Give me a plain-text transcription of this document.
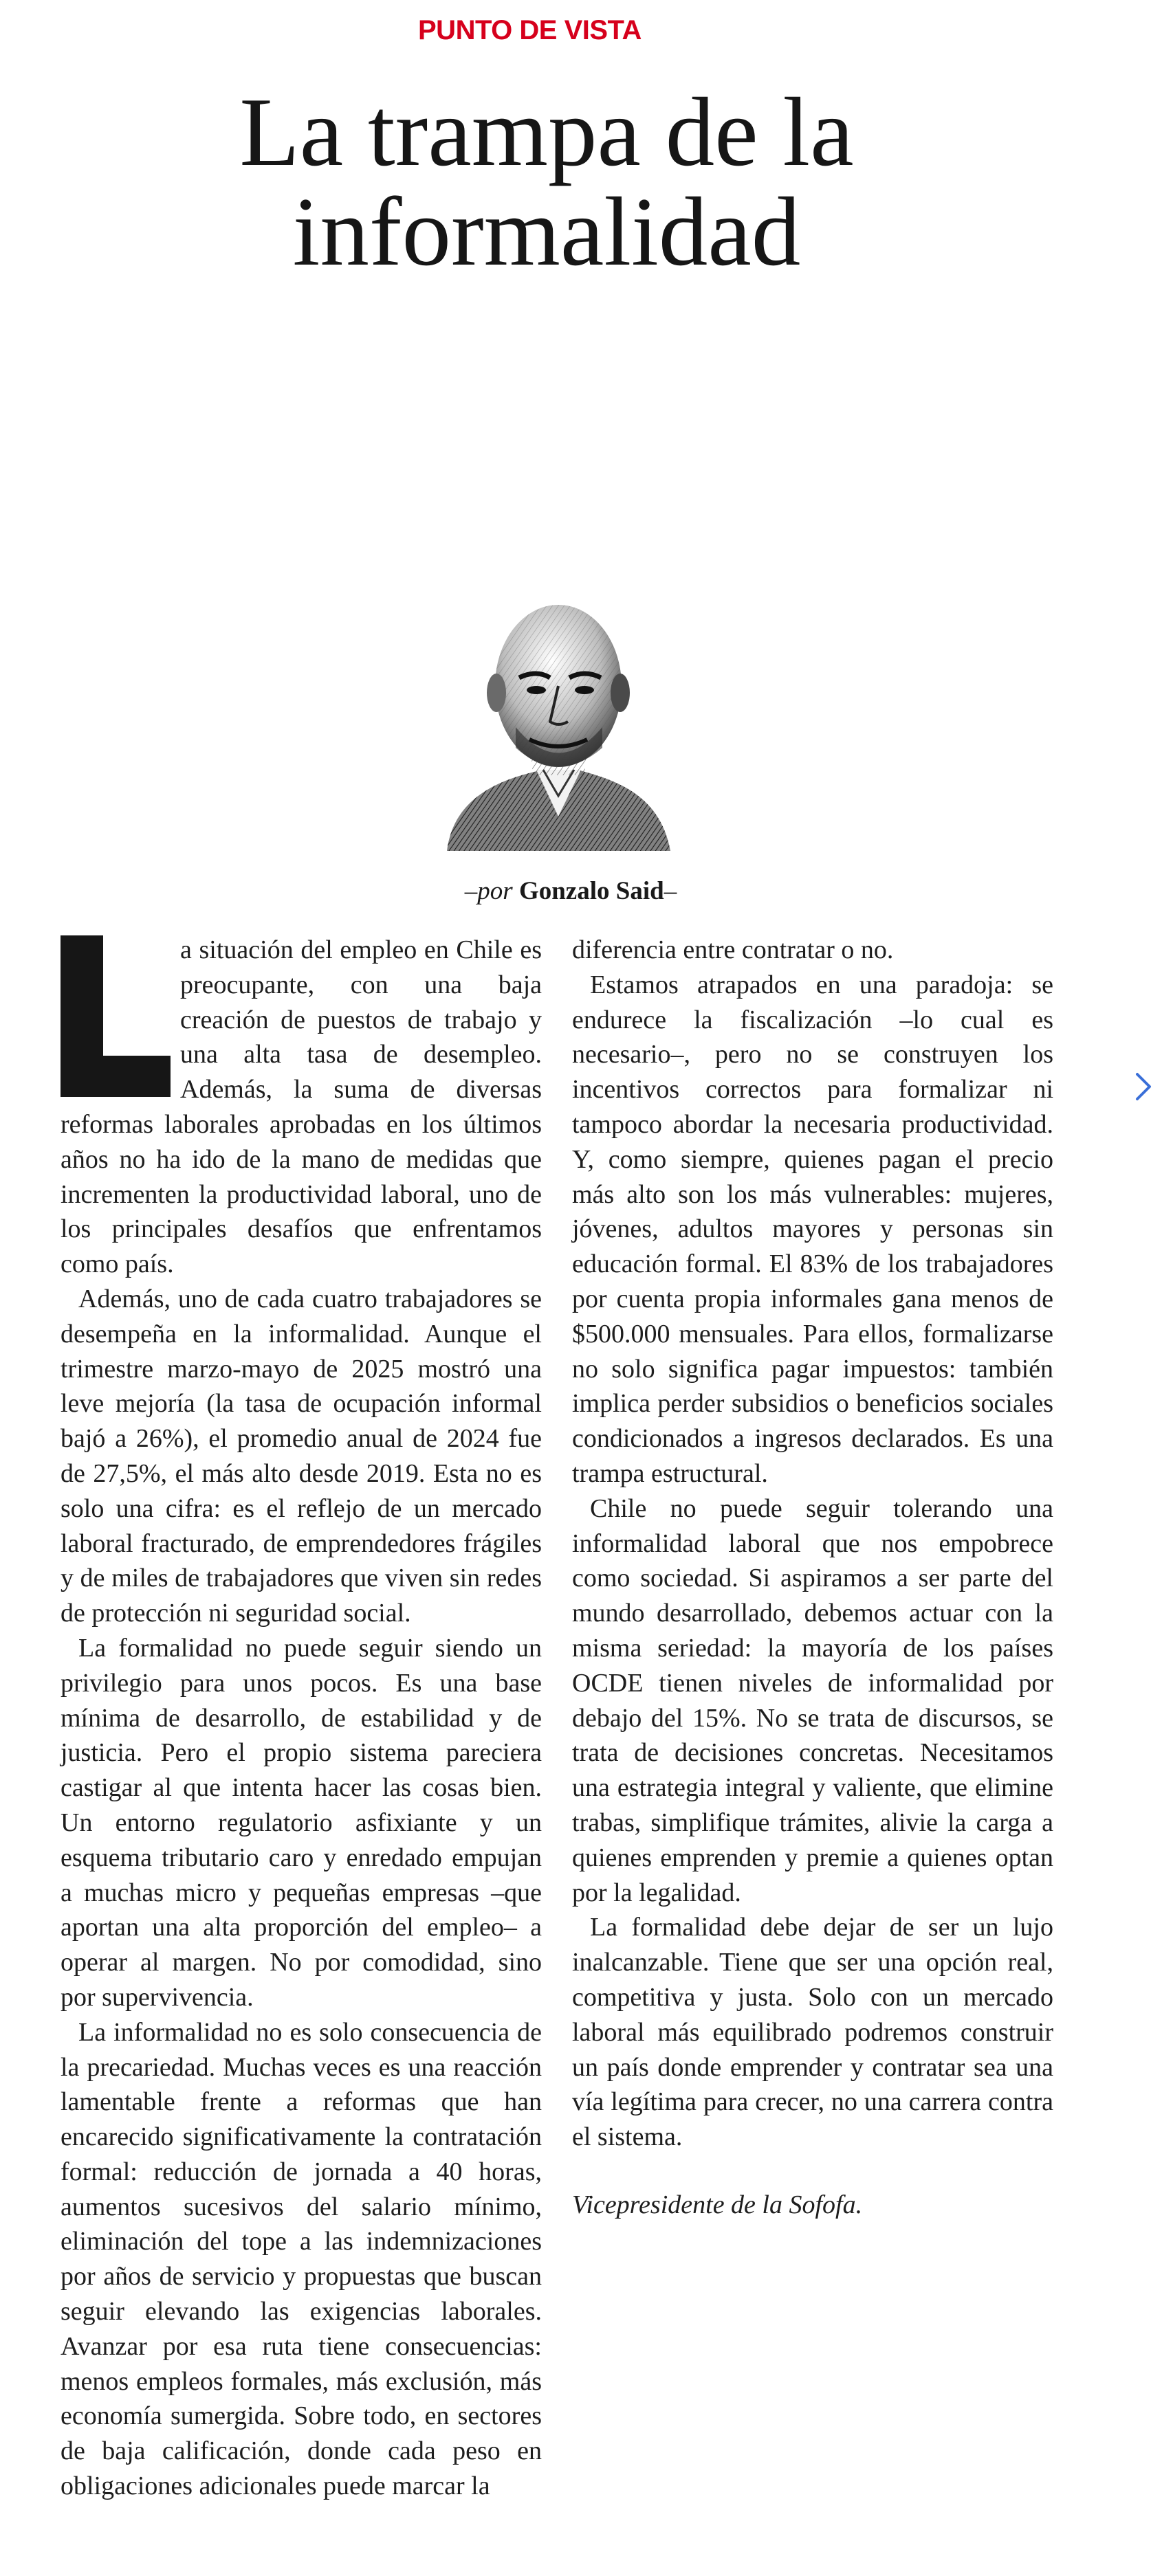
PUNTO DE VISTA
La trampa de la
informalidad
–por Gonzalo Said–

a situación del empleo en Chile es preocupante, con una baja creación de puestos de trabajo y una alta tasa de desempleo. Además, la suma de diversas reformas laborales aprobadas en los últimos años no ha ido de la mano de medidas que incrementen la productividad laboral, uno de los principales desafíos que enfrentamos como país.

Además, uno de cada cuatro trabajadores se desempeña en la informalidad. Aunque el trimestre marzo-mayo de 2025 mostró una leve mejoría (la tasa de ocupación informal bajó a 26%), el promedio anual de 2024 fue de 27,5%, el más alto desde 2019. Esta no es solo una cifra: es el reflejo de un mercado laboral fracturado, de emprendedores frágiles y de miles de trabajadores que viven sin redes de protección ni seguridad social.

La formalidad no puede seguir siendo un privilegio para unos pocos. Es una base mínima de desarrollo, de estabilidad y de justicia. Pero el propio sistema pareciera castigar al que intenta hacer las cosas bien. Un entorno regulatorio asfixiante y un esquema tributario caro y enredado empujan a muchas micro y pequeñas empresas –que aportan una alta proporción del empleo– a operar al margen. No por comodidad, sino por supervivencia.

La informalidad no es solo consecuencia de la precariedad. Muchas veces es una reacción lamentable frente a reformas que han encarecido significativamente la contratación formal: reducción de jornada a 40 horas, aumentos sucesivos del salario mínimo, eliminación del tope a las indemnizaciones por años de servicio y propuestas que buscan seguir elevando las exigencias laborales. Avanzar por esa ruta tiene consecuencias: menos empleos formales, más exclusión, más economía sumergida. Sobre todo, en sectores de baja calificación, donde cada peso en obligaciones adicionales puede marcar la

diferencia entre contratar o no.

Estamos atrapados en una paradoja: se endurece la fiscalización –lo cual es necesario–, pero no se construyen los incentivos correctos para formalizar ni tampoco abordar la necesaria productividad. Y, como siempre, quienes pagan el precio más alto son los más vulnerables: mujeres, jóvenes, adultos mayores y personas sin educación formal. El 83% de los trabajadores por cuenta propia informales gana menos de $500.000 mensuales. Para ellos, formalizarse no solo significa pagar impuestos: también implica perder subsidios o beneficios sociales condicionados a ingresos declarados. Es una trampa estructural.

Chile no puede seguir tolerando una informalidad laboral que nos empobrece como sociedad. Si aspiramos a ser parte del mundo desarrollado, debemos actuar con la misma seriedad: la mayoría de los países OCDE tienen niveles de informalidad por debajo del 15%. No se trata de discursos, se trata de decisiones concretas. Necesitamos una estrategia integral y valiente, que elimine trabas, simplifique trámites, alivie la carga a quienes emprenden y premie a quienes optan por la legalidad.

La formalidad debe dejar de ser un lujo inalcanzable. Tiene que ser una opción real, competitiva y justa. Solo con un mercado laboral más equilibrado podremos construir un país donde emprender y contratar sea una vía legítima para crecer, no una carrera contra el sistema.

Vicepresidente de la Sofofa.
